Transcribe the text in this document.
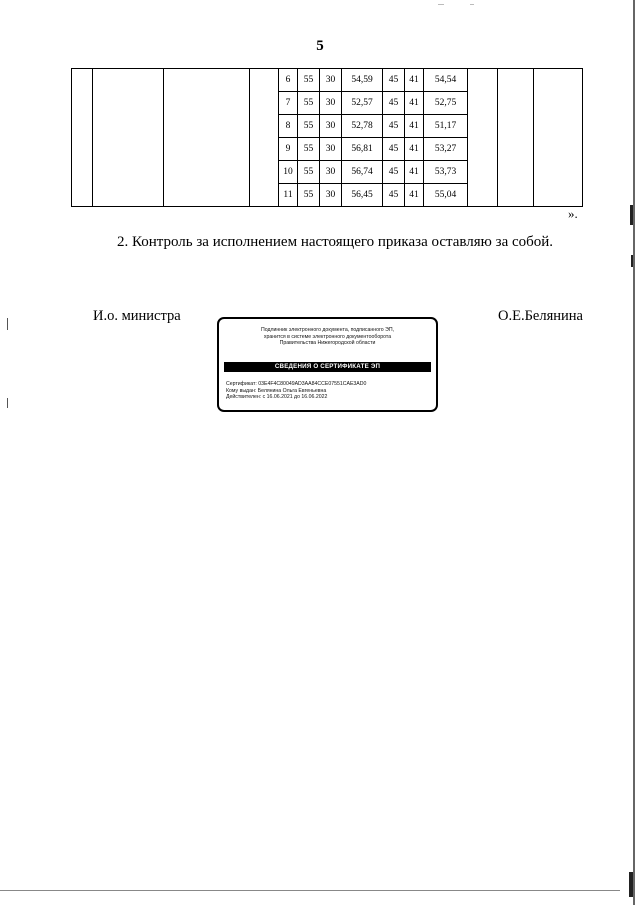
5
				6	55	30	54,59	45	41	54,54			
				7	55	30	52,57	45	41	52,75			
				8	55	30	52,78	45	41	51,17			
				9	55	30	56,81	45	41	53,27			
				10	55	30	56,74	45	41	53,73			
				11	55	30	56,45	45	41	55,04			
».
2. Контроль за исполнением настоящего приказа оставляю за собой.
И.о. министра	О.Е.Белянина
Подлинник электронного документа, подписанного ЭП,
хранится в системе электронного документооборота
Правительства Нижегородской области
СВЕДЕНИЯ О СЕРТИФИКАТЕ ЭП
Сертификат: 03E4F4C80049AD3AA84CCE07551CAE3AD0
Кому выдан: Белянина Ольга Евгеньевна
Действителен: с 16.06.2021 до 16.06.2022
